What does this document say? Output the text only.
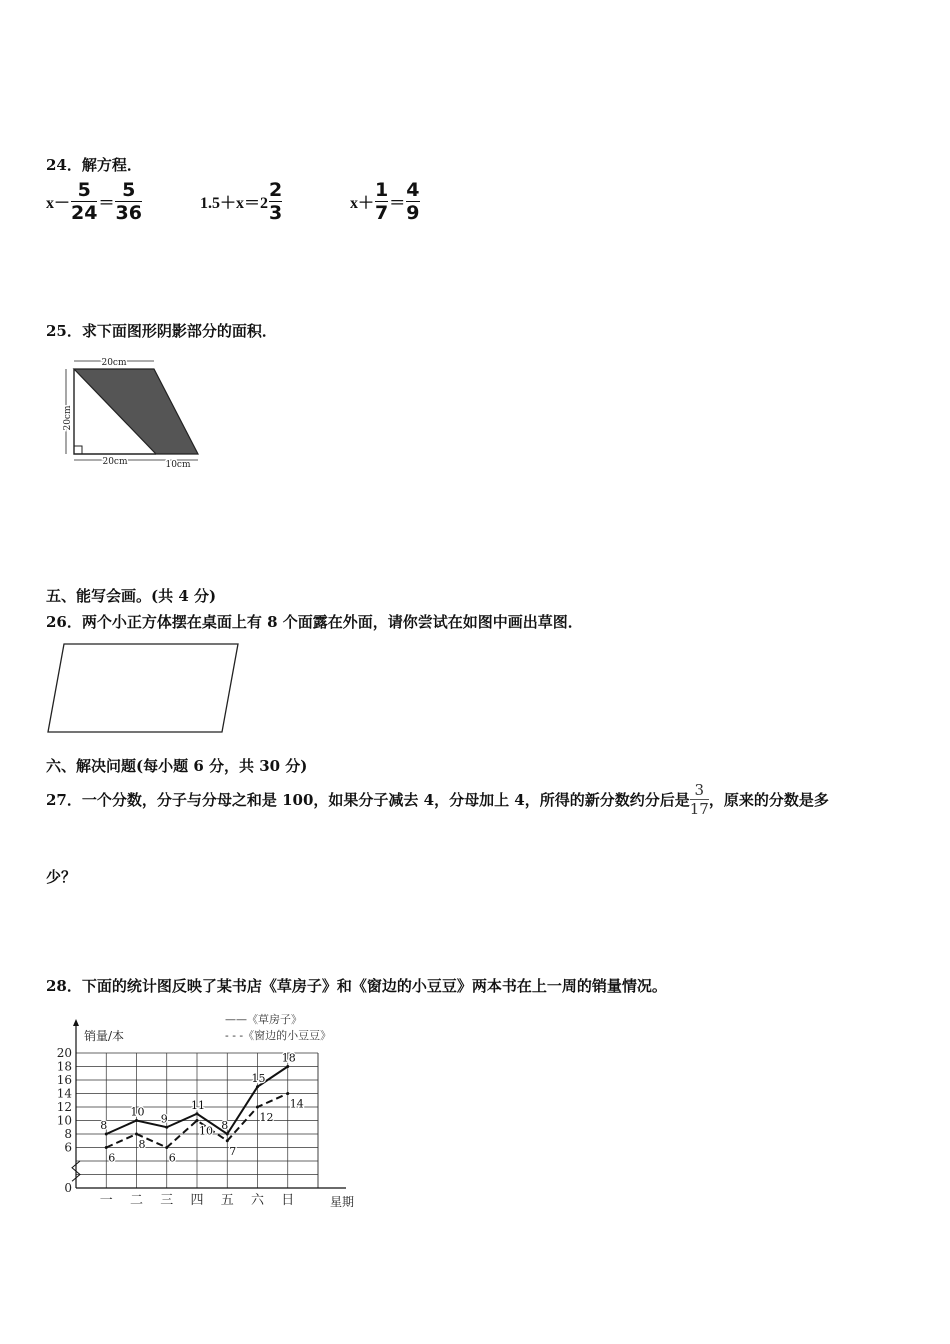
24．解方程．
$x- \frac{5}{24} = \frac{5}{36}$	$1.5+x=2 \frac{2}{3}$	$x+ \frac{1}{7} = \frac{4}{9}$
25．求下面图形阴影部分的面积．
20cm
20cm
20cm	10cm
五、能写会画。(共 4 分)
26．两个小正方体摆在桌面上有 8 个面露在外面，请你尝试在如图中画出草图．
六、解决问题(每小题 6 分，共 30 分)
27．一个分数，分子与分母之和是 100，如果分子减去 4，分母加上 4，所得的新分数约分后是
3
17 ，原来的分数是多
少？
28．下面的统计图反映了某书店《草房子》和《窗边的小豆豆》两本书在上一周的销量情况。
0
6
8
10
12
14
16
18
20
一 二 三 四 五 六 日
8
10
9
11
8
15
18
6
8
6
10
7
12
14
销量/本
星期
——《草房子》
- - -《窗边的小豆豆》
